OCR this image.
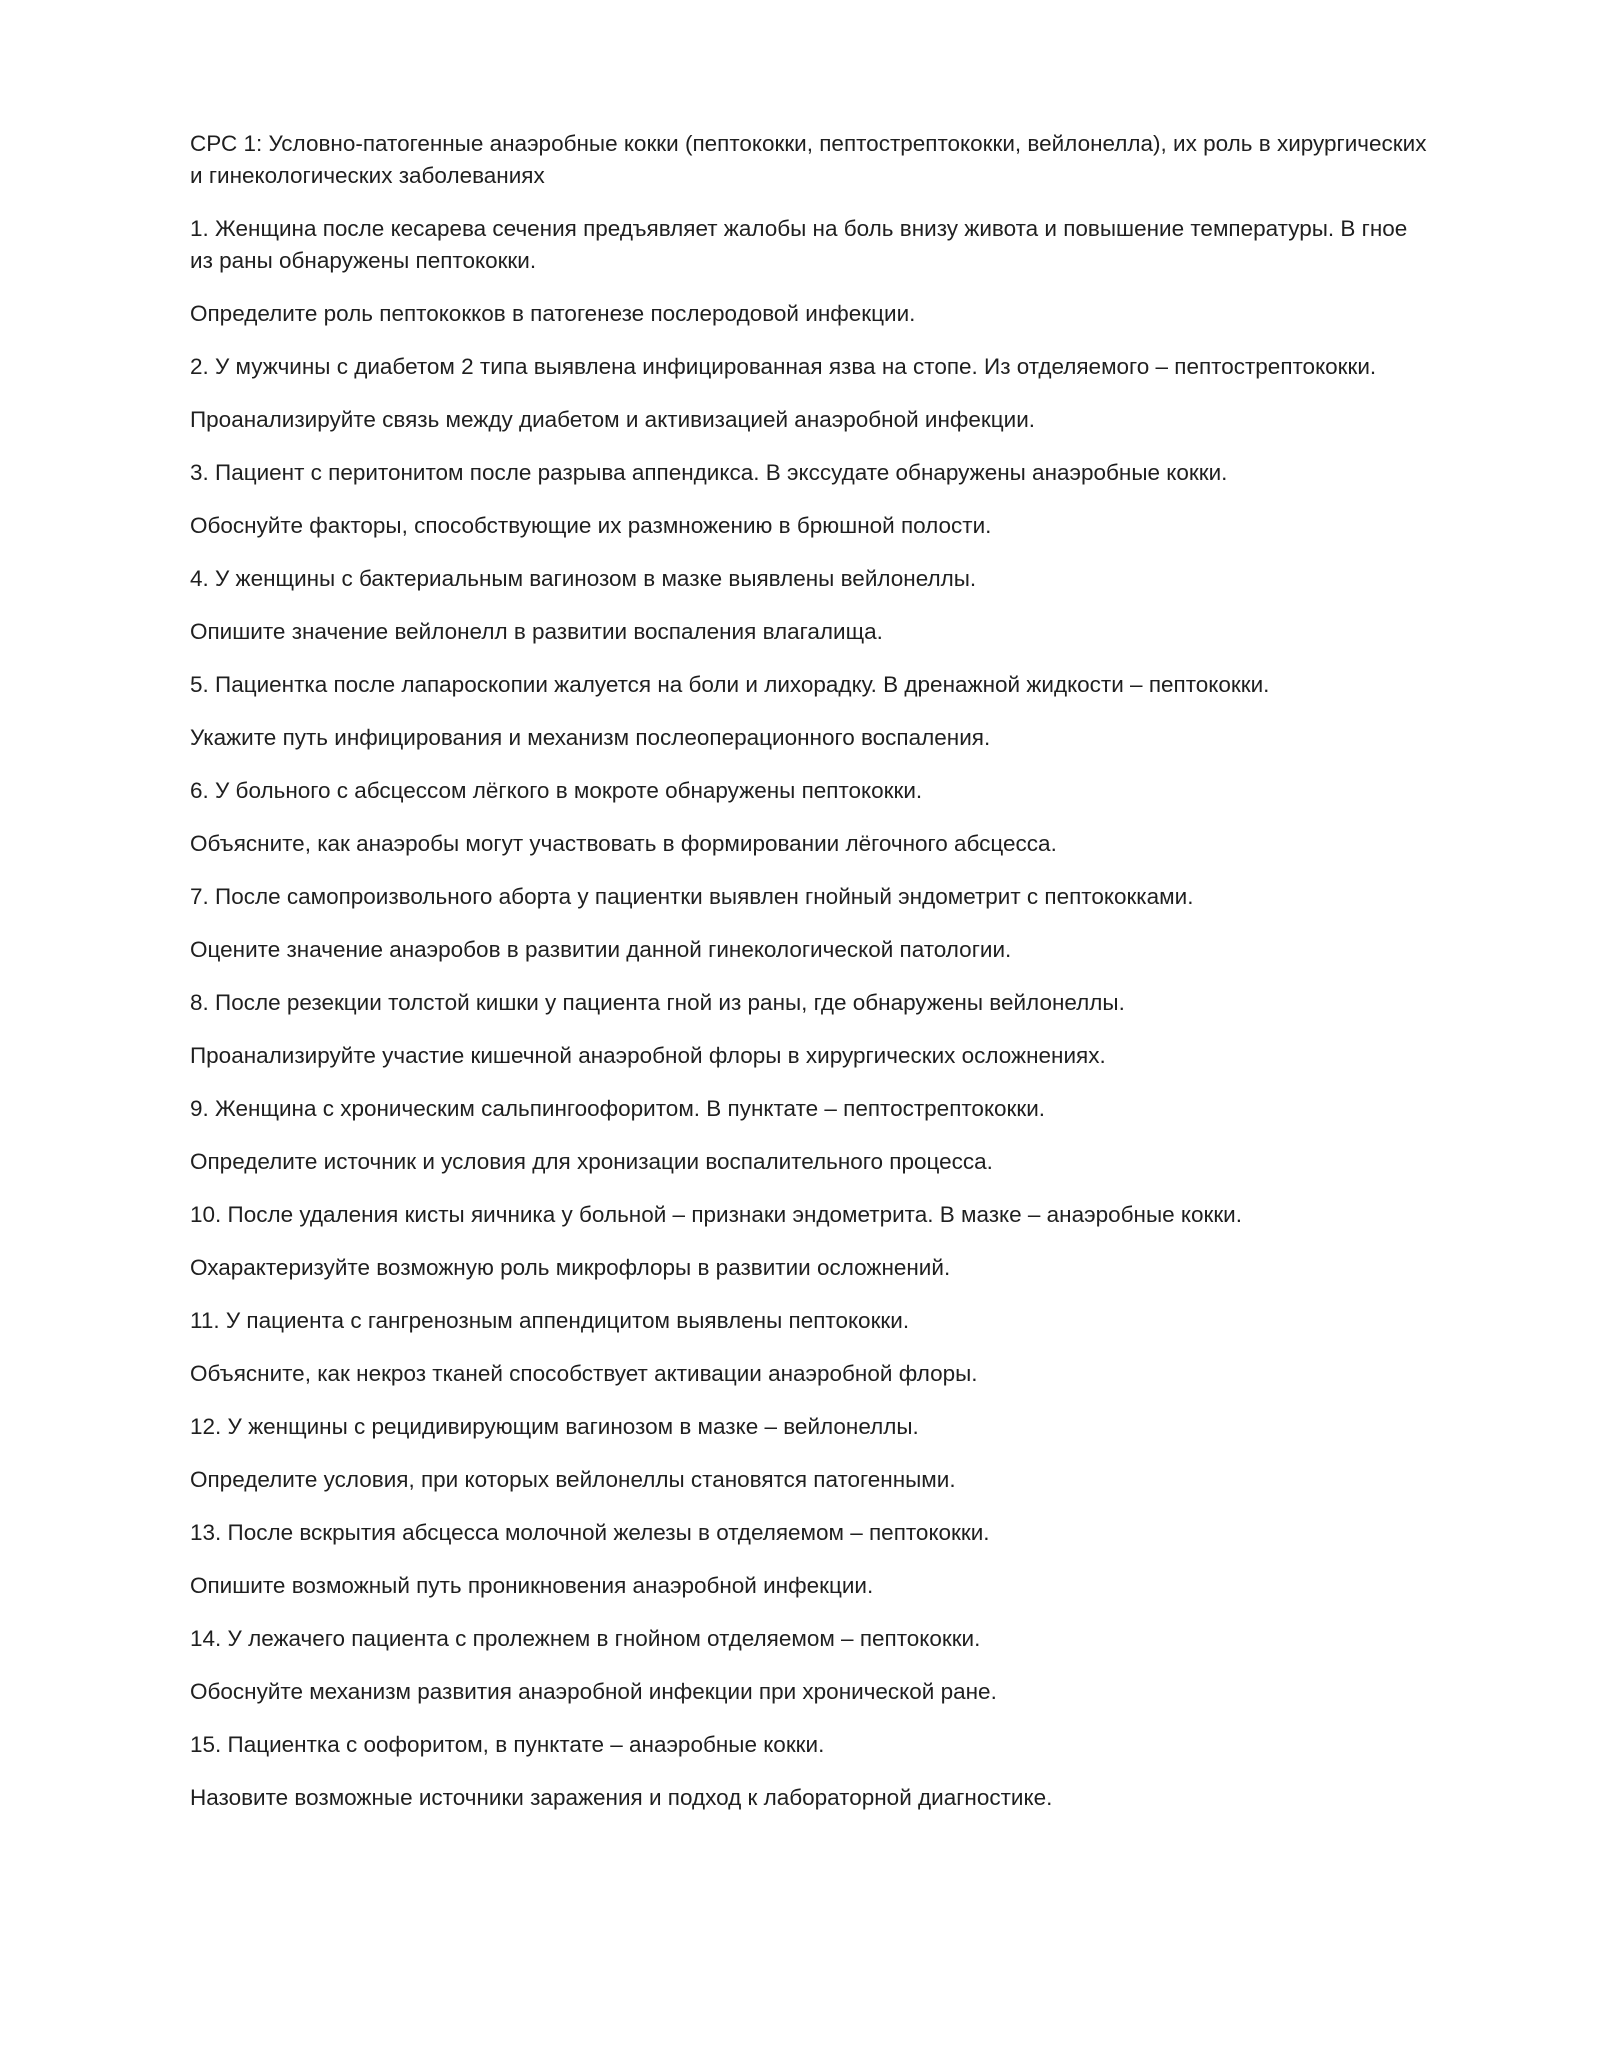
СРС 1: Условно-патогенные анаэробные кокки (пептококки, пептострептококки, вейлонелла), их роль в хирургических и гинекологических заболеваниях

1. Женщина после кесарева сечения предъявляет жалобы на боль внизу живота и повышение температуры. В гное из раны обнаружены пептококки.

Определите роль пептококков в патогенезе послеродовой инфекции.

2. У мужчины с диабетом 2 типа выявлена инфицированная язва на стопе. Из отделяемого – пептострептококки.

Проанализируйте связь между диабетом и активизацией анаэробной инфекции.

3. Пациент с перитонитом после разрыва аппендикса. В экссудате обнаружены анаэробные кокки.

Обоснуйте факторы, способствующие их размножению в брюшной полости.

4. У женщины с бактериальным вагинозом в мазке выявлены вейлонеллы.

Опишите значение вейлонелл в развитии воспаления влагалища.

5. Пациентка после лапароскопии жалуется на боли и лихорадку. В дренажной жидкости – пептококки.

Укажите путь инфицирования и механизм послеоперационного воспаления.

6. У больного с абсцессом лёгкого в мокроте обнаружены пептококки.

Объясните, как анаэробы могут участвовать в формировании лёгочного абсцесса.

7. После самопроизвольного аборта у пациентки выявлен гнойный эндометрит с пептококками.

Оцените значение анаэробов в развитии данной гинекологической патологии.

8. После резекции толстой кишки у пациента гной из раны, где обнаружены вейлонеллы.

Проанализируйте участие кишечной анаэробной флоры в хирургических осложнениях.

9. Женщина с хроническим сальпингоофоритом. В пунктате – пептострептококки.

Определите источник и условия для хронизации воспалительного процесса.

10. После удаления кисты яичника у больной – признаки эндометрита. В мазке – анаэробные кокки.

Охарактеризуйте возможную роль микрофлоры в развитии осложнений.

11. У пациента с гангренозным аппендицитом выявлены пептококки.

Объясните, как некроз тканей способствует активации анаэробной флоры.

12. У женщины с рецидивирующим вагинозом в мазке – вейлонеллы.

Определите условия, при которых вейлонеллы становятся патогенными.

13. После вскрытия абсцесса молочной железы в отделяемом – пептококки.

Опишите возможный путь проникновения анаэробной инфекции.

14. У лежачего пациента с пролежнем в гнойном отделяемом – пептококки.

Обоснуйте механизм развития анаэробной инфекции при хронической ране.

15. Пациентка с оофоритом, в пунктате – анаэробные кокки.

Назовите возможные источники заражения и подход к лабораторной диагностике.
